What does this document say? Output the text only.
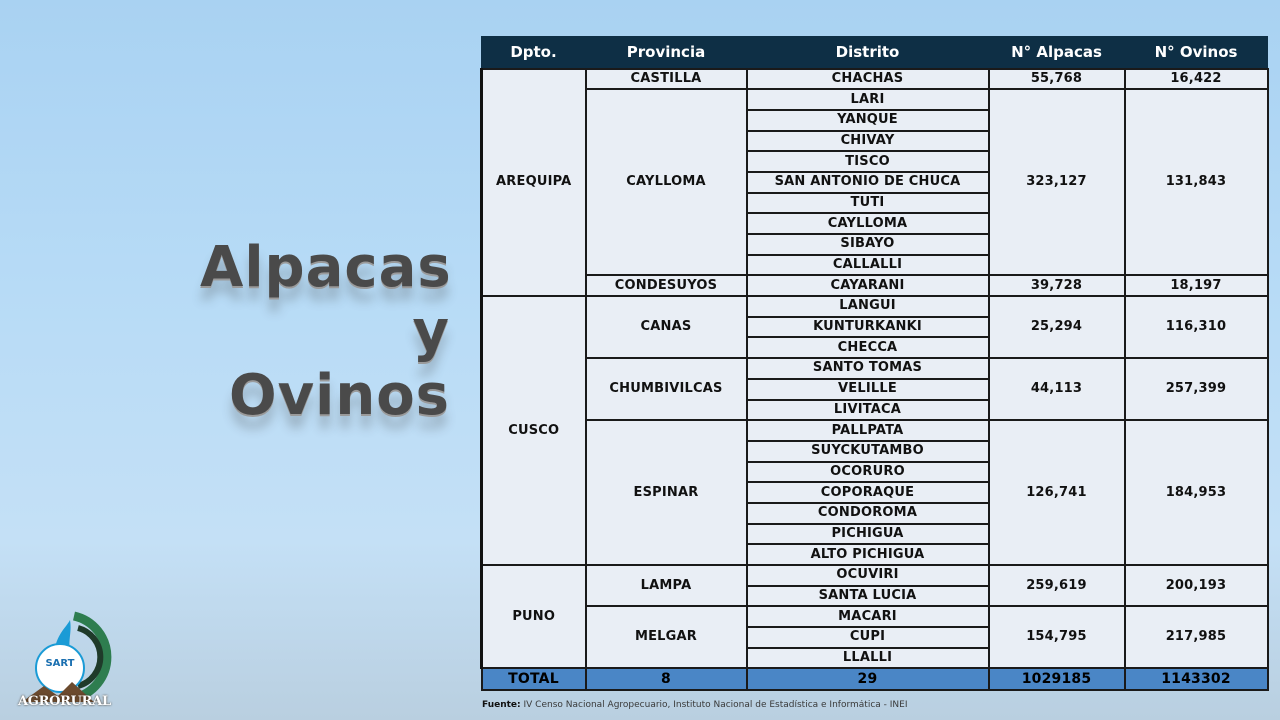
Alpacas y
Ovinos
SART
AGRORURAL
Dpto.	Provincia	Distrito	N° Alpacas	N° Ovinos
AREQUIPA	CASTILLA	CHACHAS	55,768	16,422
	CAYLLOMA	LARI	323,127	131,843
		YANQUE		
		CHIVAY		
		TISCO		
		SAN ANTONIO DE CHUCA		
		TUTI		
		CAYLLOMA		
		SIBAYO		
		CALLALLI		
	CONDESUYOS	CAYARANI	39,728	18,197
CUSCO	CANAS	LANGUI	25,294	116,310
		KUNTURKANKI		
		CHECCA		
	CHUMBIVILCAS	SANTO TOMAS	44,113	257,399
		VELILLE		
		LIVITACA		
	ESPINAR	PALLPATA	126,741	184,953
		SUYCKUTAMBO		
		OCORURO		
		COPORAQUE		
		CONDOROMA		
		PICHIGUA		
		ALTO PICHIGUA		
PUNO	LAMPA	OCUVIRI	259,619	200,193
		SANTA LUCIA		
	MELGAR	MACARI	154,795	217,985
		CUPI		
		LLALLI		
TOTAL	8	29	1029185	1143302
Fuente: IV Censo Nacional Agropecuario, Instituto Nacional de Estadística e Informática - INEI
